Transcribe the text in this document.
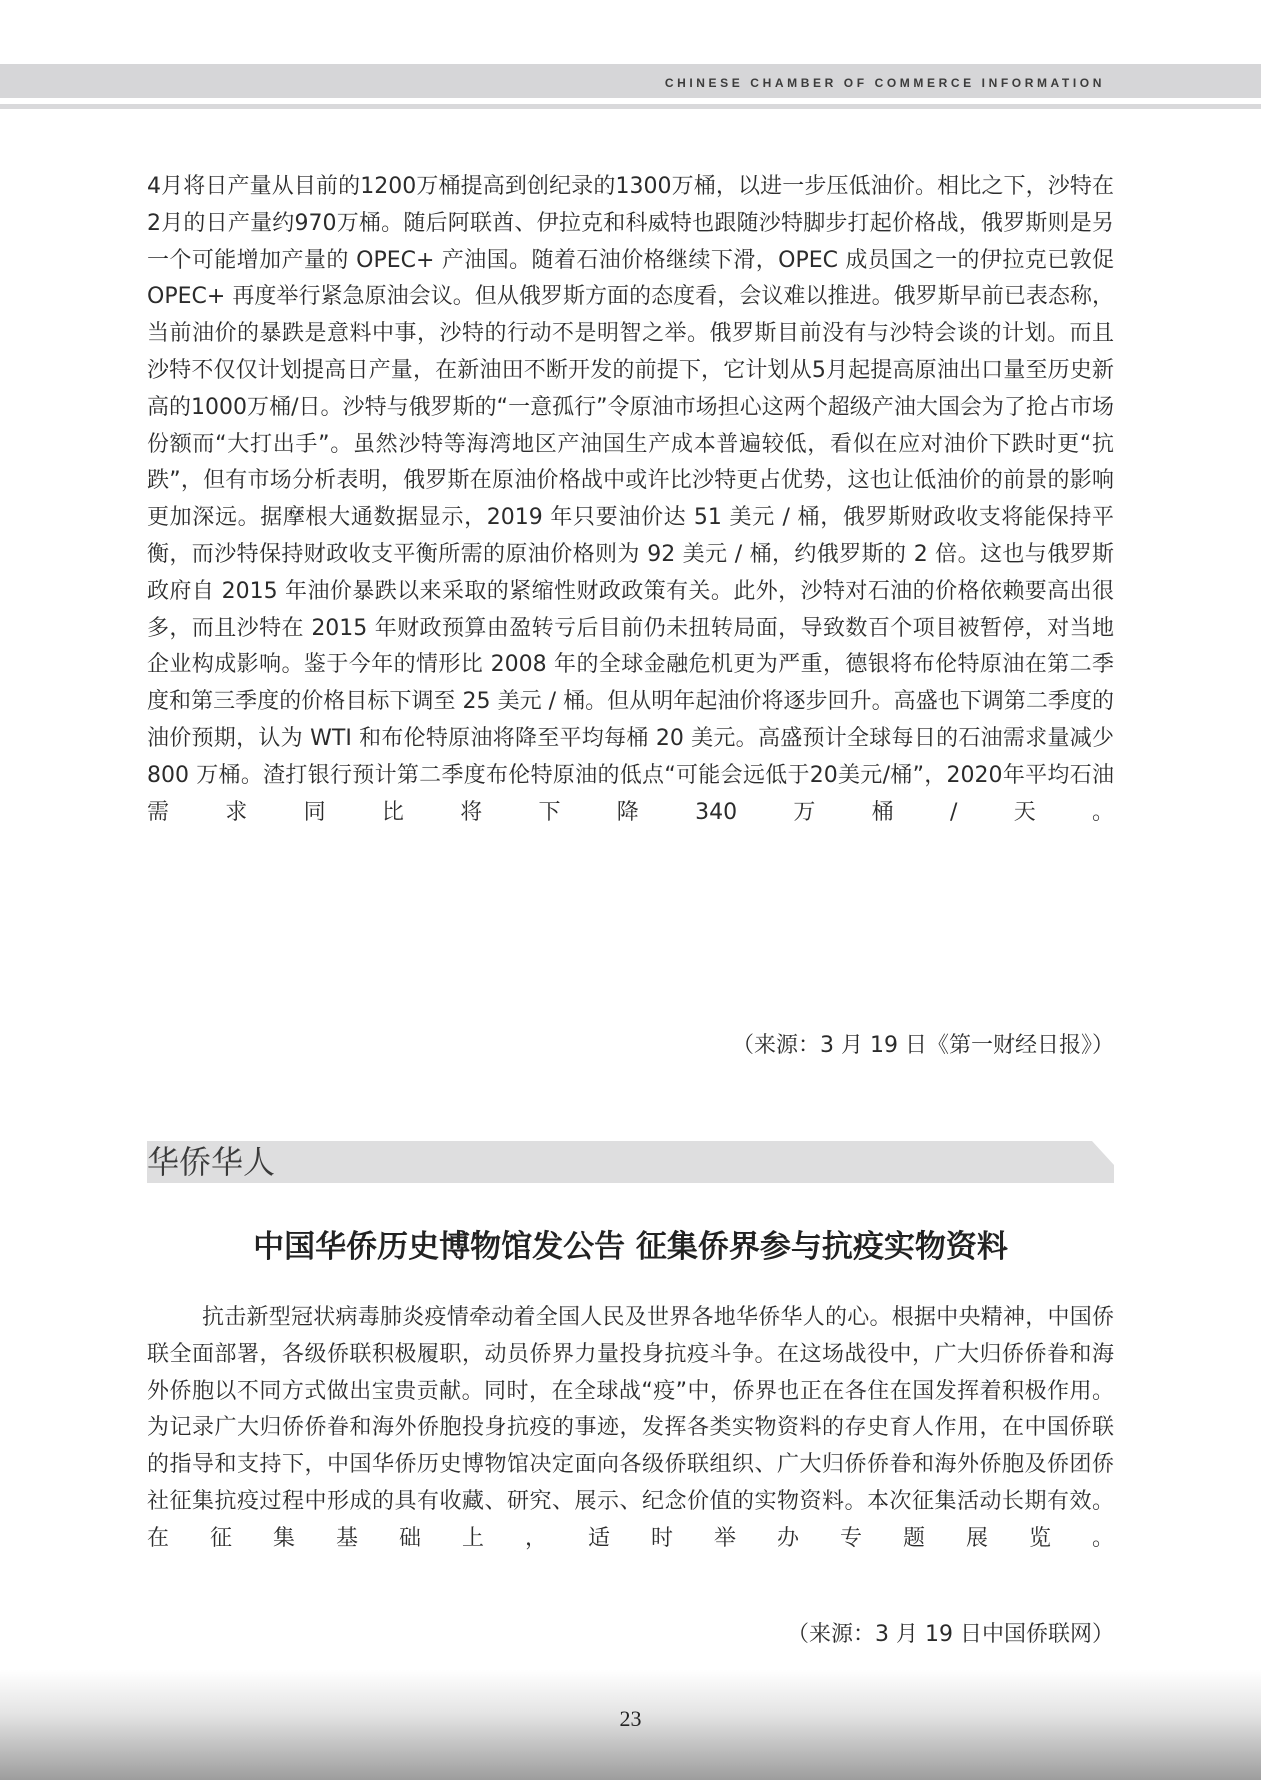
CHINESE CHAMBER OF COMMERCE INFORMATION

4月将日产量从目前的1200万桶提高到创纪录的1300万桶，以进一步压低油价。相比之下，沙特在2月的日产量约970万桶。随后阿联酋、伊拉克和科威特也跟随沙特脚步打起价格战，俄罗斯则是另一个可能增加产量的 OPEC+ 产油国。随着石油价格继续下滑，OPEC 成员国之一的伊拉克已敦促 OPEC+ 再度举行紧急原油会议。但从俄罗斯方面的态度看，会议难以推进。俄罗斯早前已表态称，当前油价的暴跌是意料中事，沙特的行动不是明智之举。俄罗斯目前没有与沙特会谈的计划。而且沙特不仅仅计划提高日产量，在新油田不断开发的前提下，它计划从5月起提高原油出口量至历史新高的1000万桶/日。沙特与俄罗斯的“一意孤行”令原油市场担心这两个超级产油大国会为了抢占市场份额而“大打出手”。虽然沙特等海湾地区产油国生产成本普遍较低，看似在应对油价下跌时更“抗跌”，但有市场分析表明，俄罗斯在原油价格战中或许比沙特更占优势，这也让低油价的前景的影响更加深远。据摩根大通数据显示，2019 年只要油价达 51 美元 / 桶，俄罗斯财政收支将能保持平衡，而沙特保持财政收支平衡所需的原油价格则为 92 美元 / 桶，约俄罗斯的 2 倍。这也与俄罗斯政府自 2015 年油价暴跌以来采取的紧缩性财政政策有关。此外，沙特对石油的价格依赖要高出很多，而且沙特在 2015 年财政预算由盈转亏后目前仍未扭转局面，导致数百个项目被暂停，对当地企业构成影响。鉴于今年的情形比 2008 年的全球金融危机更为严重，德银将布伦特原油在第二季度和第三季度的价格目标下调至 25 美元 / 桶。但从明年起油价将逐步回升。高盛也下调第二季度的油价预期，认为 WTI 和布伦特原油将降至平均每桶 20 美元。高盛预计全球每日的石油需求量减少 800 万桶。渣打银行预计第二季度布伦特原油的低点“可能会远低于20美元/桶”，2020年平均石油需求同比将下降340万桶/天。

（来源：3 月 19 日《第一财经日报》）
华侨华人
中国华侨历史博物馆发公告 征集侨界参与抗疫实物资料

抗击新型冠状病毒肺炎疫情牵动着全国人民及世界各地华侨华人的心。根据中央精神，中国侨联全面部署，各级侨联积极履职，动员侨界力量投身抗疫斗争。在这场战役中，广大归侨侨眷和海外侨胞以不同方式做出宝贵贡献。同时，在全球战“疫”中，侨界也正在各住在国发挥着积极作用。为记录广大归侨侨眷和海外侨胞投身抗疫的事迹，发挥各类实物资料的存史育人作用，在中国侨联的指导和支持下，中国华侨历史博物馆决定面向各级侨联组织、广大归侨侨眷和海外侨胞及侨团侨社征集抗疫过程中形成的具有收藏、研究、展示、纪念价值的实物资料。本次征集活动长期有效。在征集基础上，适时举办专题展览。

（来源：3 月 19 日中国侨联网）
23
